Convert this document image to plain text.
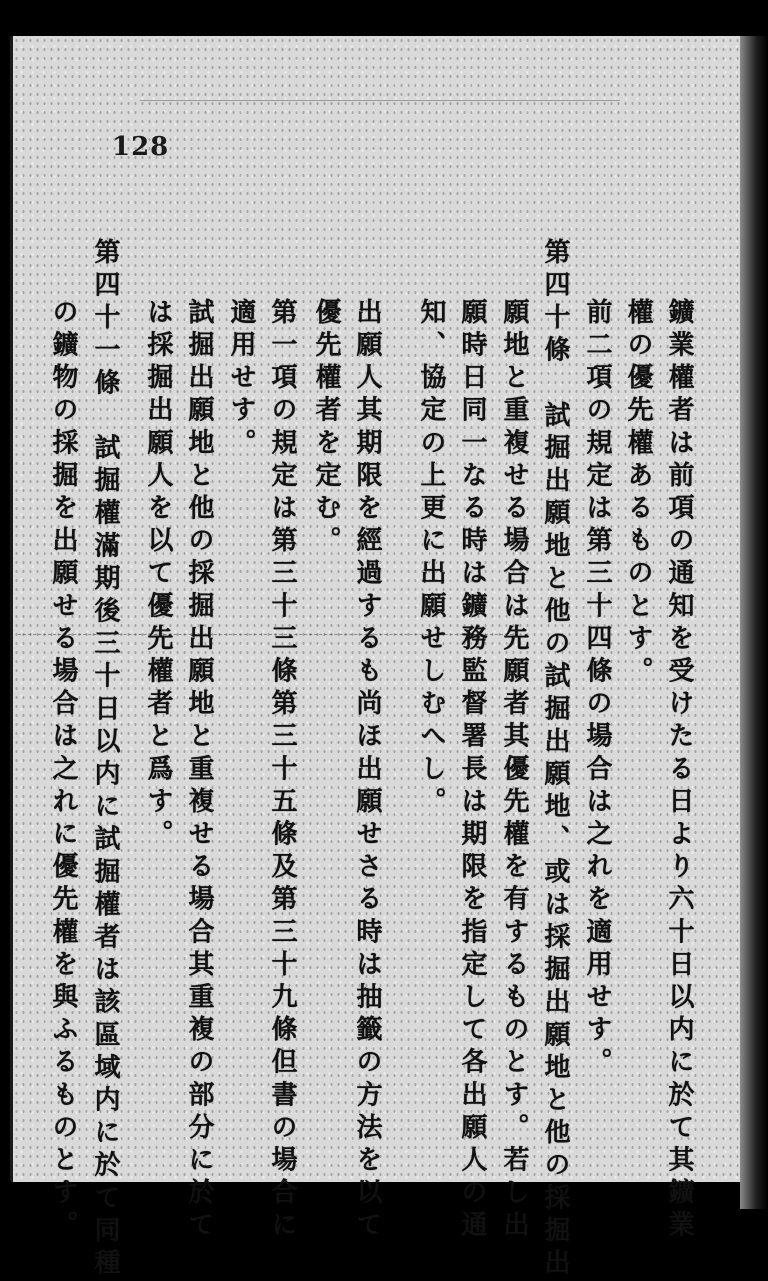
128
鑛業權者は前項の通知を受けたる日より六十日以内に於て其鑛業
權の優先權あるものとす。
前二項の規定は第三十四條の場合は之れを適用せす。
第四十條　試掘出願地と他の試掘出願地、或は採掘出願地と他の採掘出
願地と重複せる場合は先願者其優先權を有するものとす。若し出
願時日同一なる時は鑛務監督署長は期限を指定して各出願人の通
知、協定の上更に出願せしむへし。
出願人其期限を經過するも尚ほ出願せさる時は抽籤の方法を以て
優先權者を定む。
第一項の規定は第三十三條第三十五條及第三十九條但書の場合に
適用せす。
試掘出願地と他の採掘出願地と重複せる場合其重複の部分に於て
は採掘出願人を以て優先權者と爲す。
第四十一條　試掘權滿期後三十日以内に試掘權者は該區域内に於て同種
の鑛物の採掘を出願せる場合は之れに優先權を與ふるものとす。
